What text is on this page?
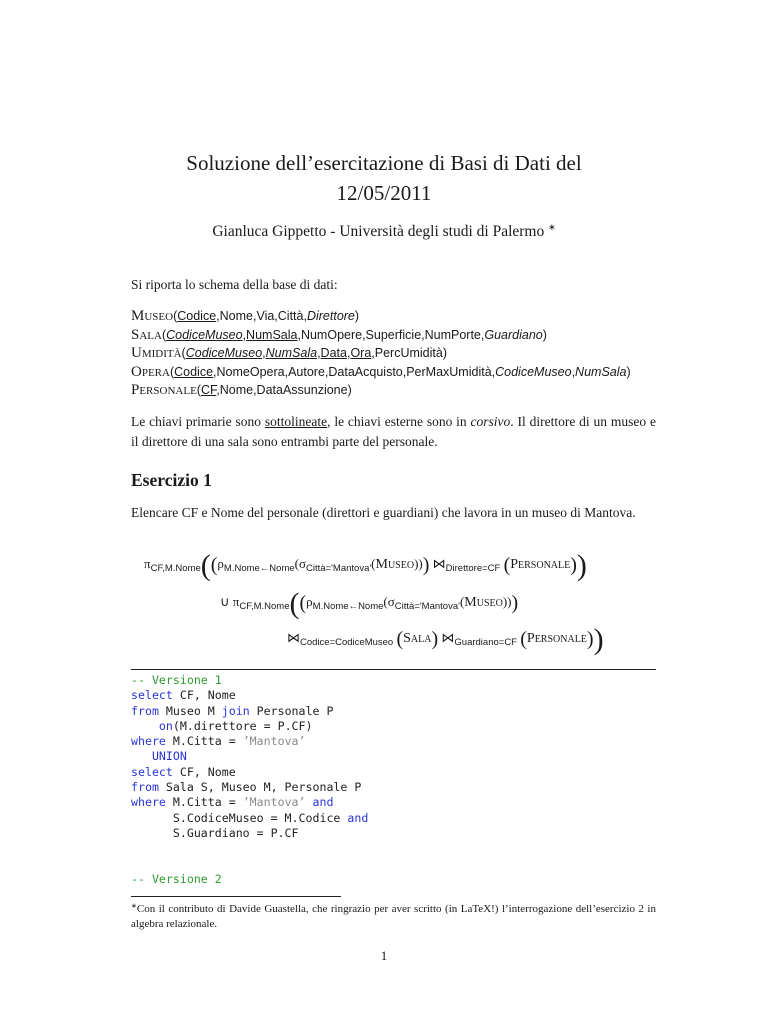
Soluzione dell’esercitazione di Basi di Dati del
12/05/2011
Gianluca Gippetto - Università degli studi di Palermo ∗
Si riporta lo schema della base di dati:
Museo(Codice,Nome,Via,Città,Direttore)
Sala(CodiceMuseo,NumSala,NumOpere,Superficie,NumPorte,Guardiano)
Umidità(CodiceMuseo,NumSala,Data,Ora,PercUmidità)
Opera(Codice,NomeOpera,Autore,DataAcquisto,PerMaxUmidità,CodiceMuseo,NumSala)
Personale(CF,Nome,DataAssunzione)
Le chiavi primarie sono sottolineate, le chiavi esterne sono in corsivo. Il direttore di un museo e il direttore di una sala sono entrambi parte del personale.
Esercizio 1
Elencare CF e Nome del personale (direttori e guardiani) che lavora in un museo di Mantova.
$\pi_{CF,M.Nome}((\rho_{M.Nome\leftarrow Nome}(\sigma_{Città='Mantova'}(Museo)))$ $⋈_{Direttore=CF}$ (Personale))
∪ $\pi_{CF,M.Nome}((\rho_{M.Nome\leftarrow Nome}(\sigma_{Città='Mantova'}(Museo)))$
$⋈_{Codice=CodiceMuseo}$ (Sala) $⋈_{Guardiano=CF}$ (Personale))
-- Versione 1
select CF, Nome
from Museo M join Personale P
on(M.direttore = P.CF)
where M.Citta = ’Mantova’
UNION
select CF, Nome
from Sala S, Museo M, Personale P
where M.Citta = ’Mantova’ and
S.CodiceMuseo = M.Codice and
S.Guardiano = P.CF
-- Versione 2
∗Con il contributo di Davide Guastella, che ringrazio per aver scritto (in LaTeX!) l’interrogazione dell’esercizio 2 in algebra relazionale.
1
